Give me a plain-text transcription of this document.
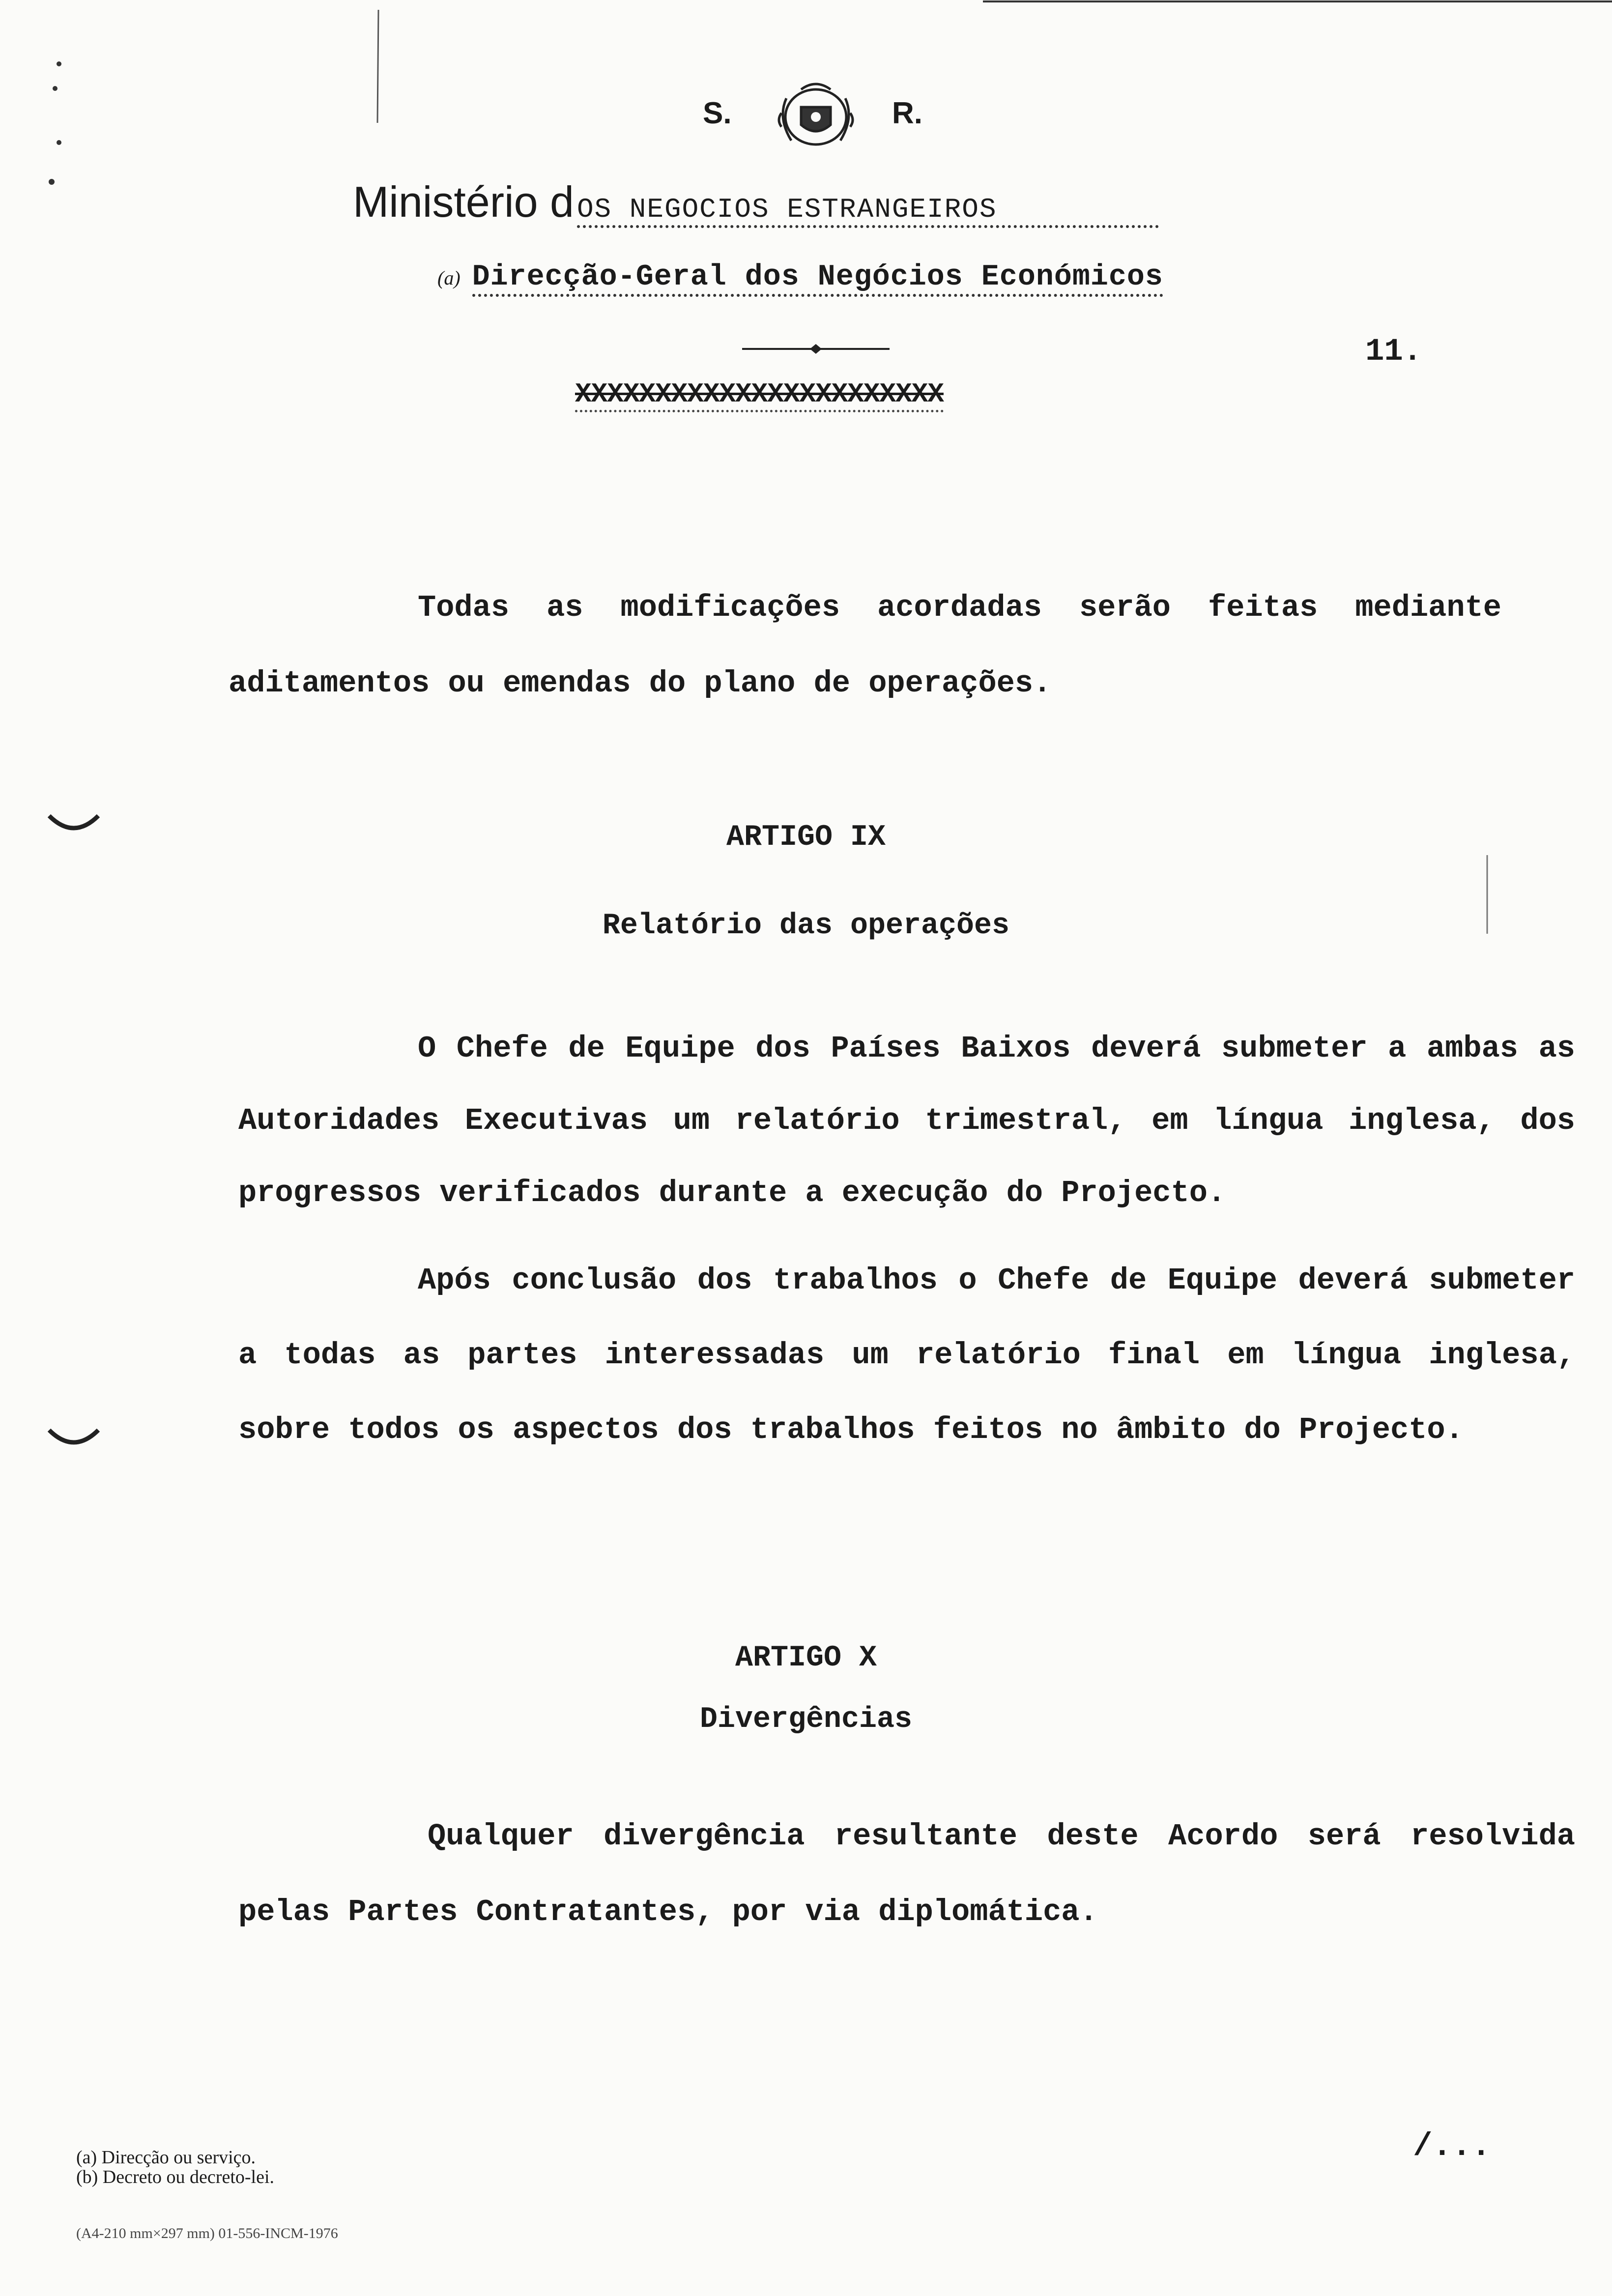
S.	R.
Ministério d OS NEGOCIOS ESTRANGEIROS
(a) Direcção-Geral dos Negócios Económicos
11.
XXXXXXXXXXXXXXXXXXXXXXX
Todas as modificações acordadas serão feitas mediante aditamentos ou emendas do plano de operações.
ARTIGO IX
Relatório das operações
O Chefe de Equipe dos Países Baixos deverá submeter a ambas as Autoridades Executivas um relatório trimestral, em língua inglesa, dos progressos verificados durante a execução do Projecto.
Após conclusão dos trabalhos o Chefe de Equipe deverá submeter a todas as partes interessadas um relatório final em língua inglesa, sobre todos os aspectos dos trabalhos feitos no âmbito do Projecto.
ARTIGO X
Divergências
Qualquer divergência resultante deste Acordo será resolvida pelas Partes Contratantes, por via diplomática.
(a) Direcção ou serviço.
(b) Decreto ou decreto-lei.
(A4-210 mm×297 mm) 01-556-INCM-1976
/...
